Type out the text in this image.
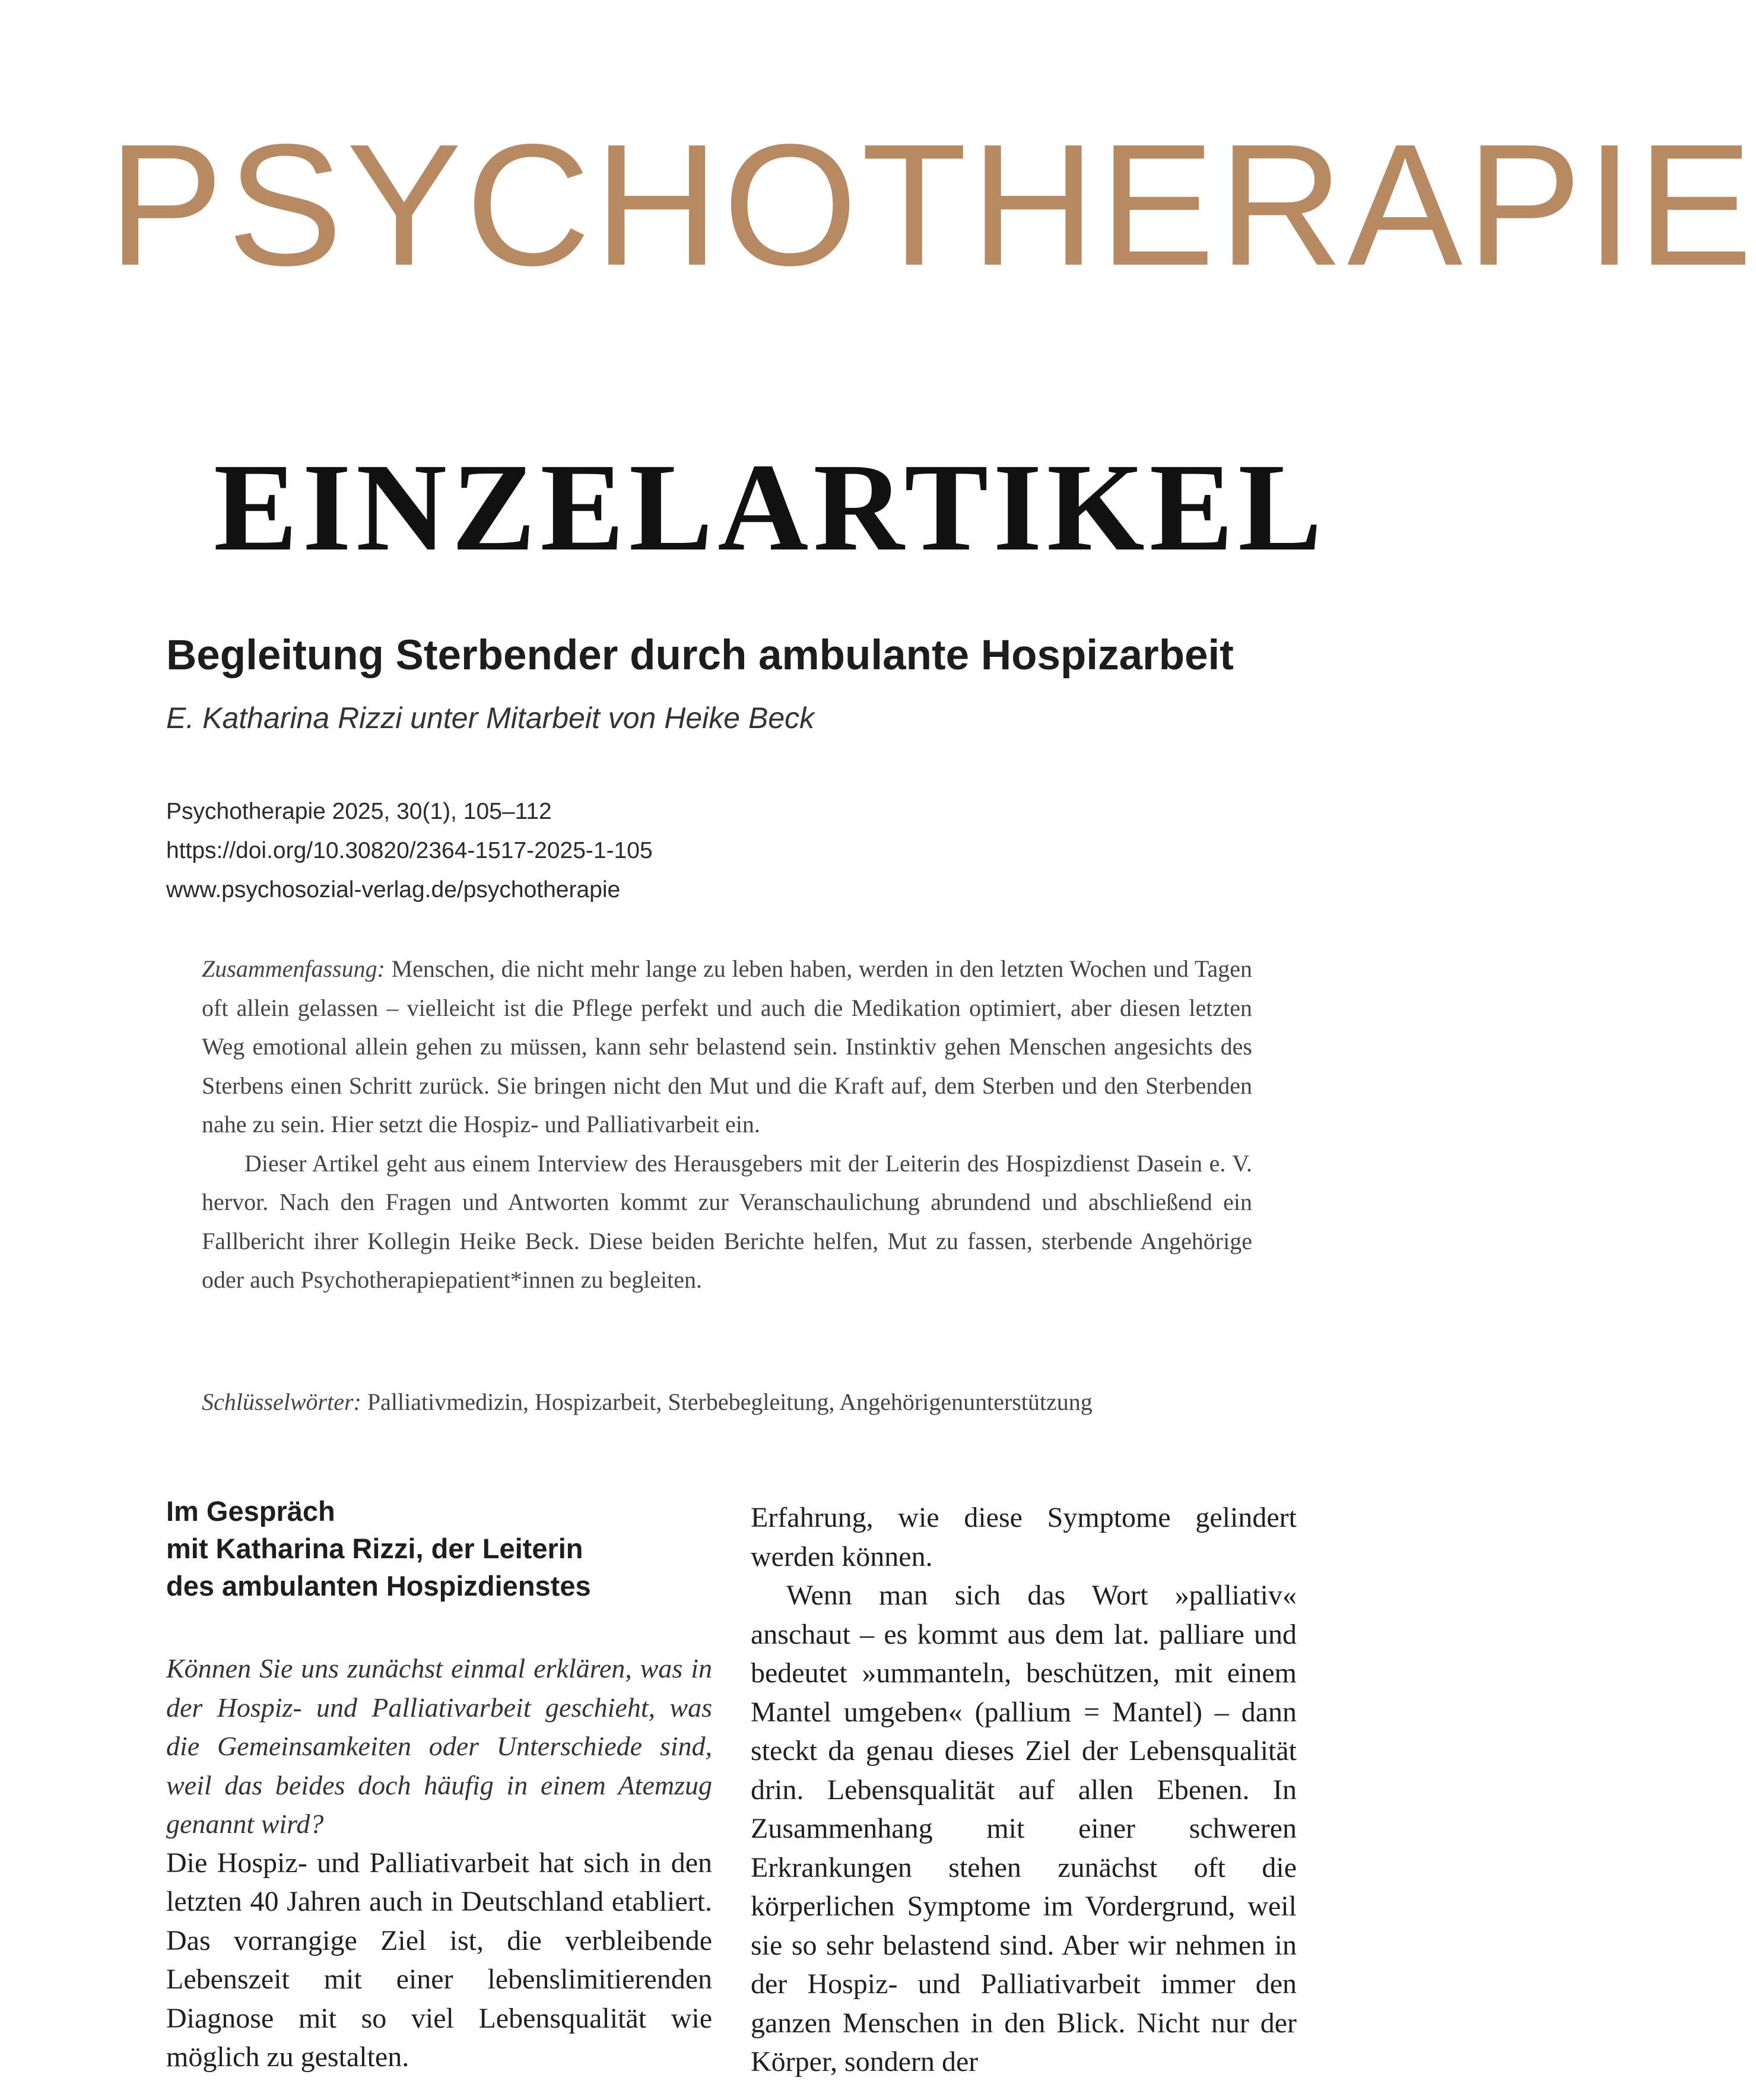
PSYCHOTHERAPIE
EINZELARTIKEL
Begleitung Sterbender durch ambulante Hospizarbeit
E. Katharina Rizzi unter Mitarbeit von Heike Beck
Psychotherapie 2025, 30(1), 105–112
https://doi.org/10.30820/2364-1517-2025-1-105
www.psychosozial-verlag.de/psychotherapie

Zusammenfassung: Menschen, die nicht mehr lange zu leben haben, werden in den letzten Wochen und Tagen oft allein gelassen – vielleicht ist die Pflege perfekt und auch die Medikation optimiert, aber diesen letzten Weg emotional allein gehen zu müssen, kann sehr belastend sein. Instinktiv gehen Menschen angesichts des Sterbens einen Schritt zurück. Sie bringen nicht den Mut und die Kraft auf, dem Sterben und den Sterbenden nahe zu sein. Hier setzt die Hospiz- und Palliativarbeit ein.

Dieser Artikel geht aus einem Interview des Herausgebers mit der Leiterin des Hospizdienst Dasein e. V. hervor. Nach den Fragen und Antworten kommt zur Veranschaulichung abrundend und abschließend ein Fallbericht ihrer Kollegin Heike Beck. Diese beiden Berichte helfen, Mut zu fassen, sterbende Angehörige oder auch Psychotherapiepatient*innen zu begleiten.

Schlüsselwörter: Palliativmedizin, Hospizarbeit, Sterbebegleitung, Angehörigenunterstützung
Im Gespräch
mit Katharina Rizzi, der Leiterin
des ambulanten Hospizdienstes
Können Sie uns zunächst einmal erklären, was in der Hospiz- und Palliativarbeit geschieht, was die Gemeinsamkeiten oder Unterschiede sind, weil das beides doch häufig in einem Atemzug genannt wird?

Die Hospiz- und Palliativarbeit hat sich in den letzten 40 Jahren auch in Deutschland etabliert. Das vorrangige Ziel ist, die verbleibende Lebenszeit mit einer lebenslimitierenden Diagnose mit so viel Lebensqualität wie möglich zu gestalten.

Erfahrung, wie diese Symptome gelindert werden können.

Wenn man sich das Wort »palliativ« anschaut – es kommt aus dem lat. palliare und bedeutet »ummanteln, beschützen, mit einem Mantel umgeben« (pallium = Mantel) – dann steckt da genau dieses Ziel der Lebensqualität drin. Lebensqualität auf allen Ebenen. In Zusammenhang mit einer schweren Erkrankungen stehen zunächst oft die körperlichen Symptome im Vordergrund, weil sie so sehr belastend sind. Aber wir nehmen in der Hospiz- und Palliativarbeit immer den ganzen Menschen in den Blick. Nicht nur der Körper, sondern der
